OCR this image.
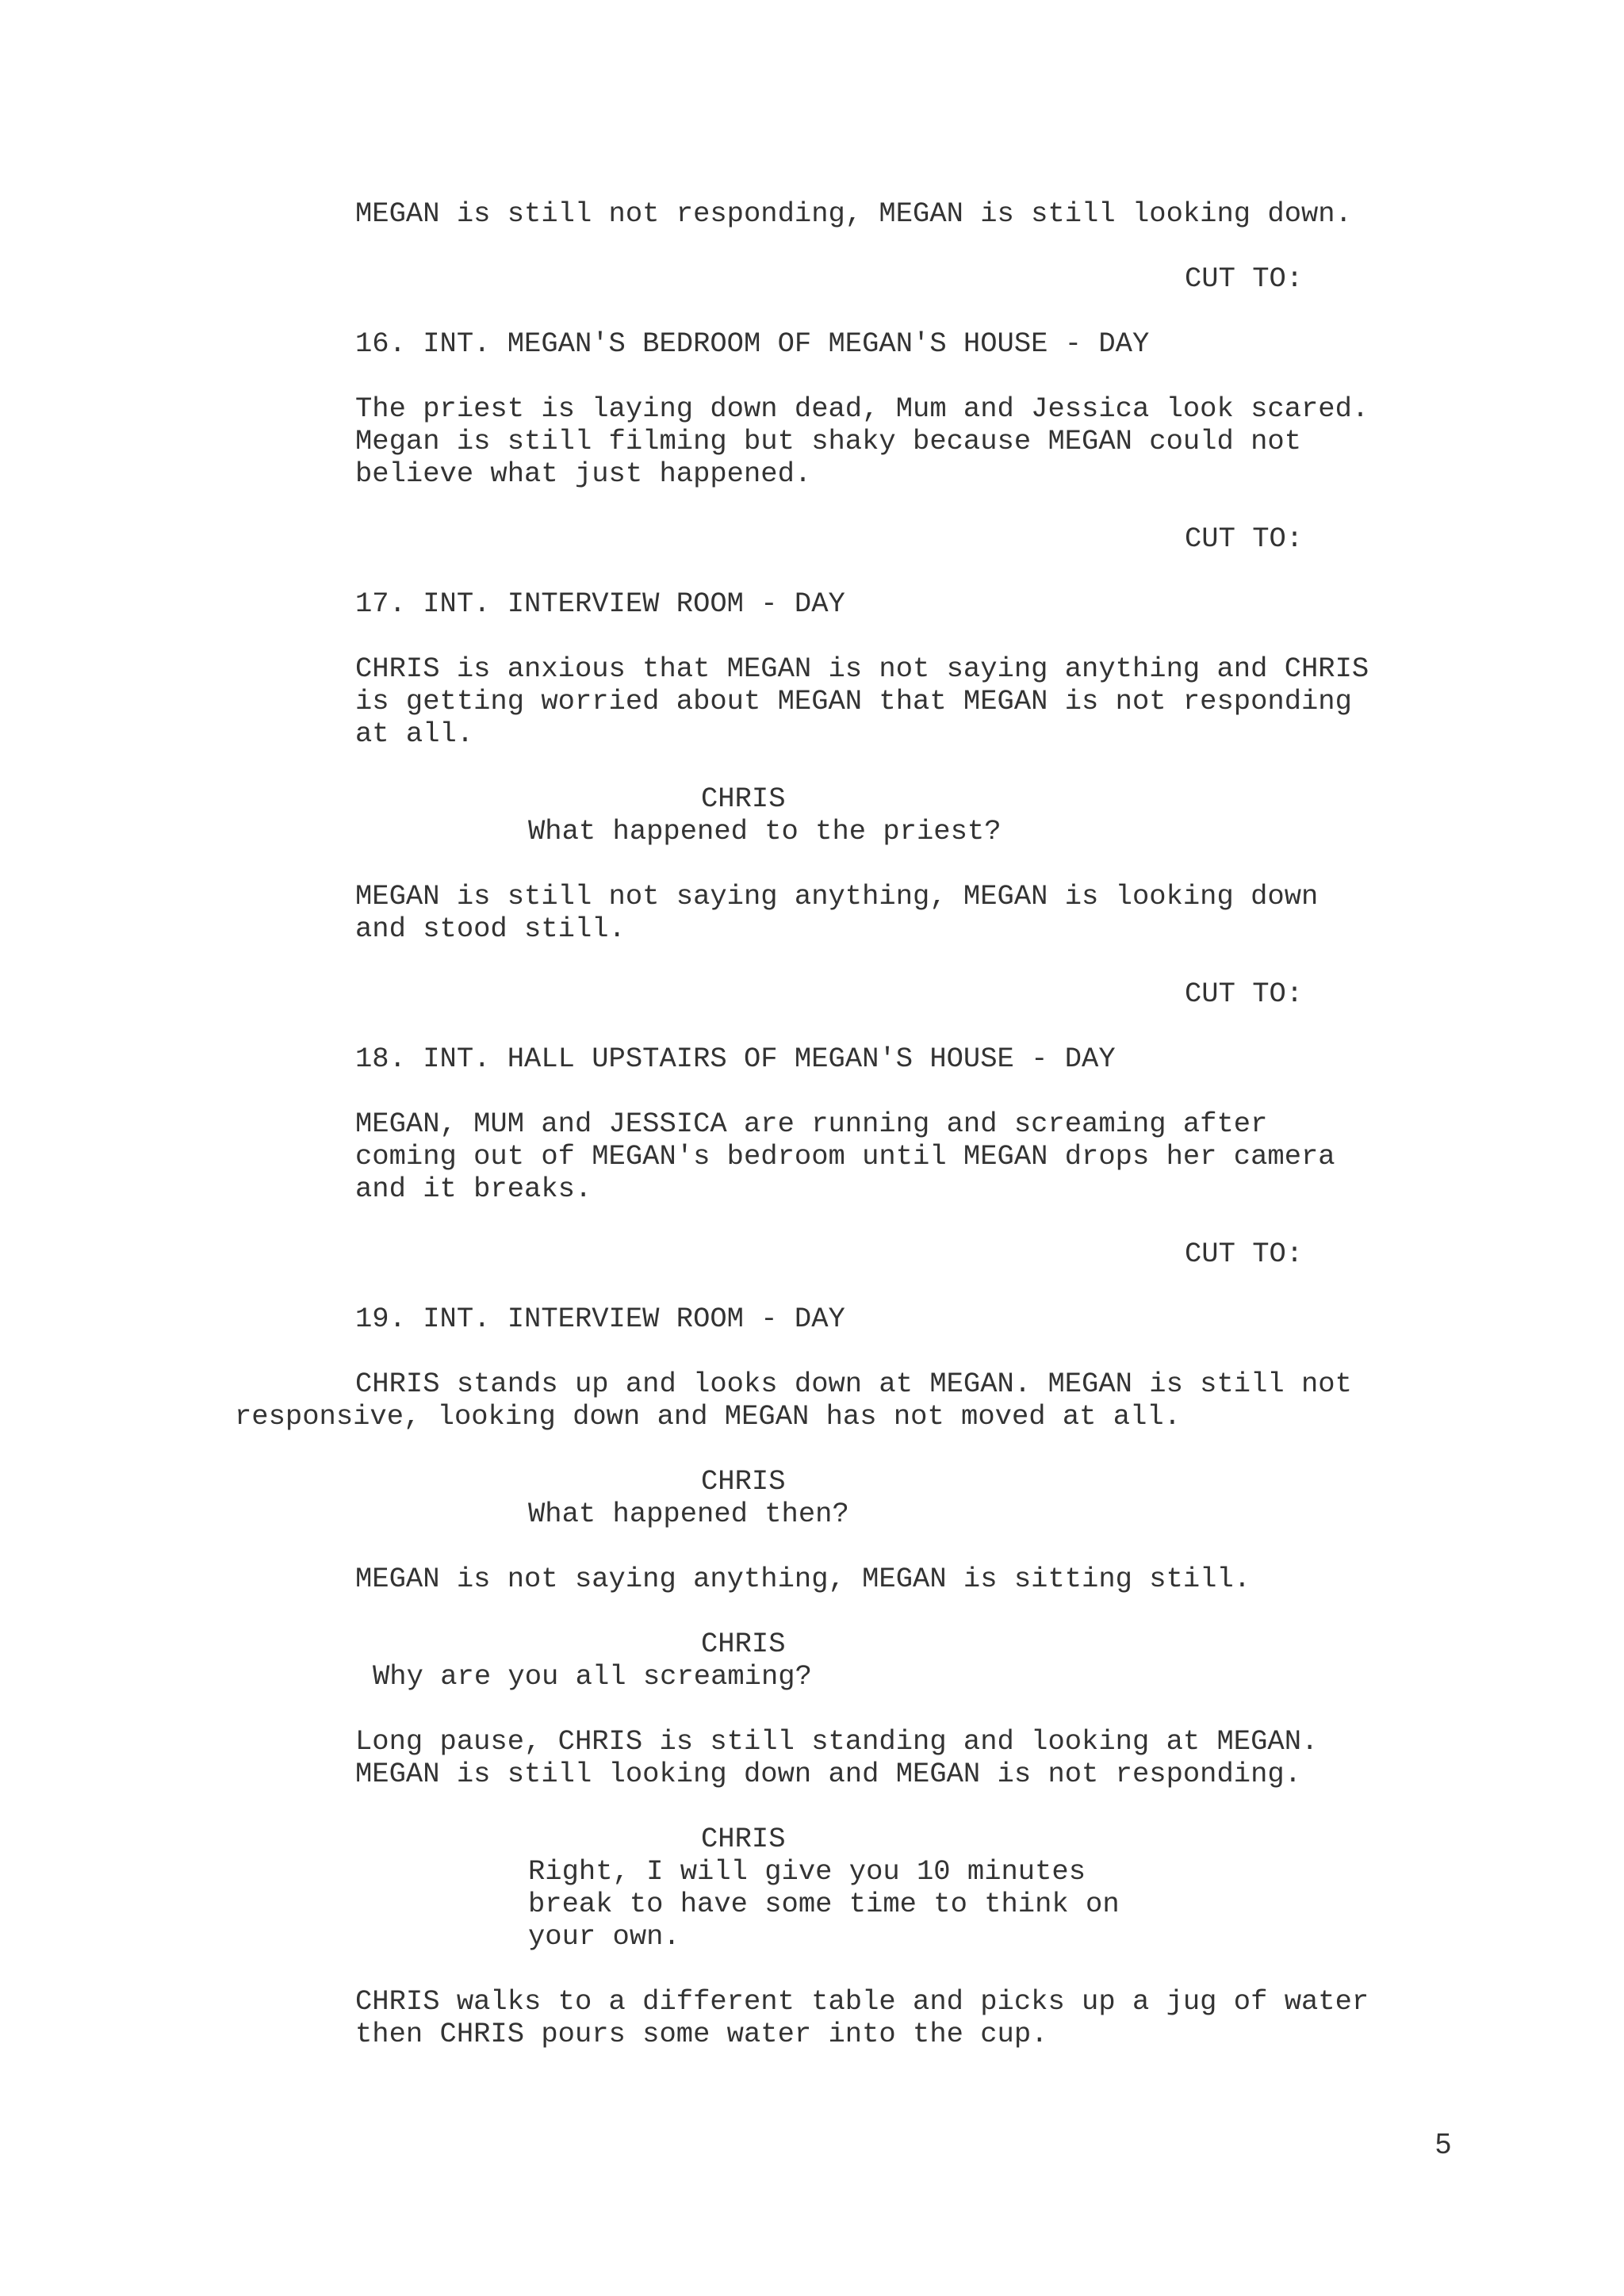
MEGAN is still not responding, MEGAN is still looking down.

CUT TO:

16. INT. MEGAN'S BEDROOM OF MEGAN'S HOUSE - DAY

The priest is laying down dead, Mum and Jessica look scared.

Megan is still filming but shaky because MEGAN could not

believe what just happened.

CUT TO:

17. INT. INTERVIEW ROOM - DAY

CHRIS is anxious that MEGAN is not saying anything and CHRIS

is getting worried about MEGAN that MEGAN is not responding

at all.

CHRIS

What happened to the priest?

MEGAN is still not saying anything, MEGAN is looking down

and stood still.

CUT TO:

18. INT. HALL UPSTAIRS OF MEGAN'S HOUSE - DAY

MEGAN, MUM and JESSICA are running and screaming after

coming out of MEGAN's bedroom until MEGAN drops her camera

and it breaks.

CUT TO:

19. INT. INTERVIEW ROOM - DAY

CHRIS stands up and looks down at MEGAN. MEGAN is still not

responsive, looking down and MEGAN has not moved at all.

CHRIS

What happened then?

MEGAN is not saying anything, MEGAN is sitting still.

CHRIS

Why are you all screaming?

Long pause, CHRIS is still standing and looking at MEGAN.

MEGAN is still looking down and MEGAN is not responding.

CHRIS

Right, I will give you 10 minutes

break to have some time to think on

your own.

CHRIS walks to a different table and picks up a jug of water

then CHRIS pours some water into the cup.

5
